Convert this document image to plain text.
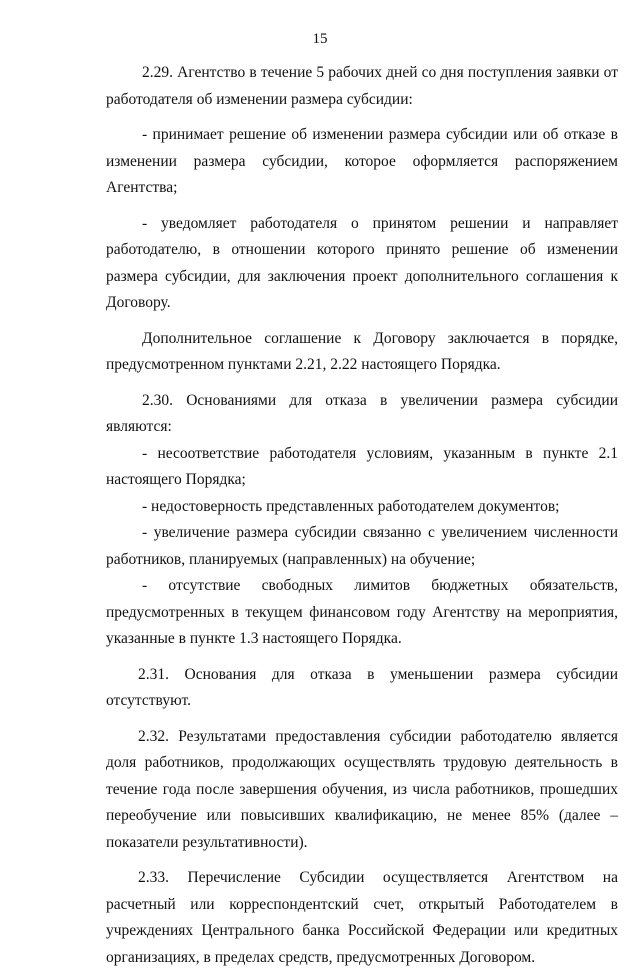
15

2.29. Агентство в течение 5 рабочих дней со дня поступления заявки от работодателя об изменении размера субсидии:

- принимает решение об изменении размера субсидии или об отказе в изменении размера субсидии, которое оформляется распоряжением Агентства;

- уведомляет работодателя о принятом решении и направляет работодателю, в отношении которого принято решение об изменении размера субсидии, для заключения проект дополнительного соглашения к Договору.

Дополнительное соглашение к Договору заключается в порядке, предусмотренном пунктами 2.21, 2.22 настоящего Порядка.

2.30. Основаниями для отказа в увеличении размера субсидии являются:

- несоответствие работодателя условиям, указанным в пункте 2.1 настоящего Порядка;

- недостоверность представленных работодателем документов;

- увеличение размера субсидии связанно с увеличением численности работников, планируемых (направленных) на обучение;

- отсутствие свободных лимитов бюджетных обязательств, предусмотренных в текущем финансовом году Агентству на мероприятия, указанные в пункте 1.3 настоящего Порядка.

2.31. Основания для отказа в уменьшении размера субсидии отсутствуют.

2.32. Результатами предоставления субсидии работодателю является доля работников, продолжающих осуществлять трудовую деятельность в течение года после завершения обучения, из числа работников, прошедших переобучение или повысивших квалификацию, не менее 85% (далее – показатели результативности).

2.33. Перечисление Субсидии осуществляется Агентством на расчетный или корреспондентский счет, открытый Работодателем в учреждениях Центрального банка Российской Федерации или кредитных организациях, в пределах средств, предусмотренных Договором.
